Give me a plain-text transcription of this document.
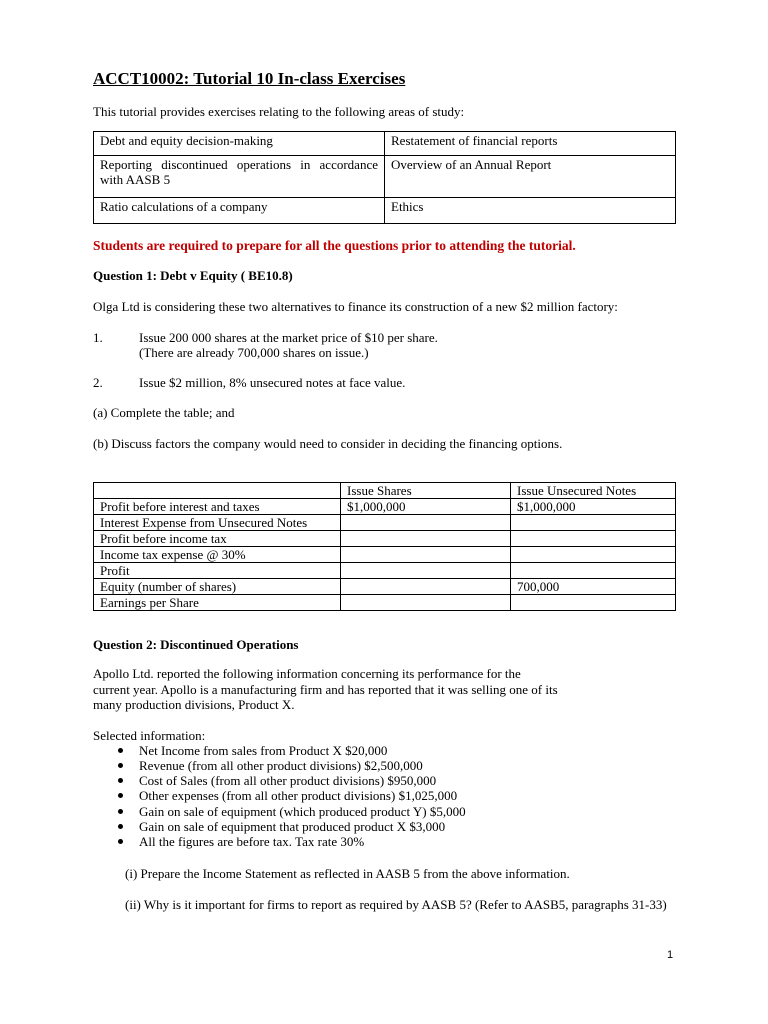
ACCT10002: Tutorial 10 In-class Exercises
This tutorial provides exercises relating to the following areas of study:
Debt and equity decision-making	Restatement of financial reports
Reporting discontinued operations in accordance with AASB 5	Overview of an Annual Report
Ratio calculations of a company	Ethics
Students are required to prepare for all the questions prior to attending the tutorial.
Question 1: Debt v Equity ( BE10.8)
Olga Ltd is considering these two alternatives to finance its construction of a new $2 million factory:
1.	Issue 200 000 shares at the market price of $10 per share.
(There are already 700,000 shares on issue.)
2.	Issue $2 million, 8% unsecured notes at face value.
(a) Complete the table; and
(b) Discuss factors the company would need to consider in deciding the financing options.
	Issue Shares	Issue Unsecured Notes
Profit before interest and taxes	$1,000,000	$1,000,000
Interest Expense from Unsecured Notes		
Profit before income tax		
Income tax expense @ 30%		
Profit		
Equity (number of shares)		700,000
Earnings per Share		
Question 2: Discontinued Operations
Apollo Ltd. reported the following information concerning its performance for the
current year. Apollo is a manufacturing firm and has reported that it was selling one of its
many production divisions, Product X.
Selected information:
Net Income from sales from Product X $20,000
Revenue (from all other product divisions) $2,500,000
Cost of Sales (from all other product divisions) $950,000
Other expenses (from all other product divisions) $1,025,000
Gain on sale of equipment (which produced product Y) $5,000
Gain on sale of equipment that produced product X $3,000
All the figures are before tax. Tax rate 30%
(i) Prepare the Income Statement as reflected in AASB 5 from the above information.
(ii) Why is it important for firms to report as required by AASB 5? (Refer to AASB5, paragraphs 31-33)
1
